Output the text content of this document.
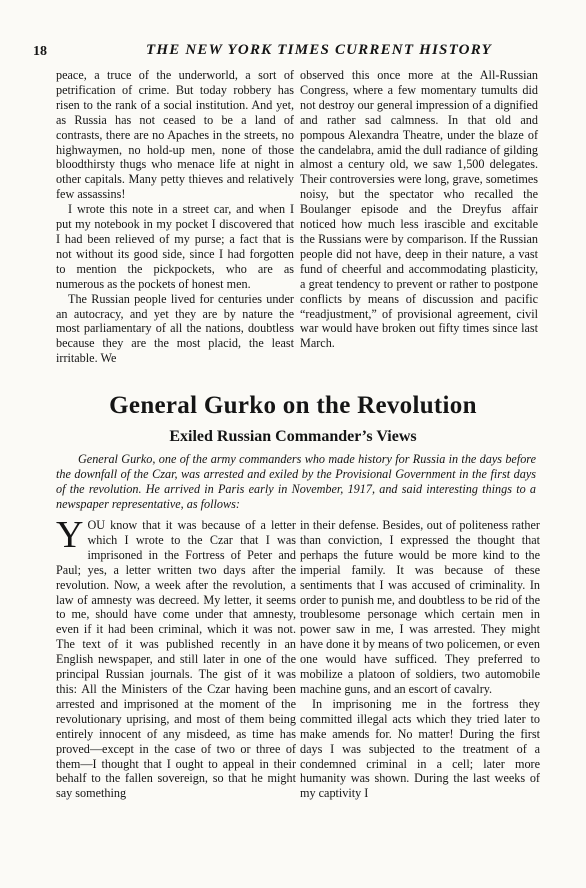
18	THE NEW YORK TIMES CURRENT HISTORY

peace, a truce of the underworld, a sort of petrification of crime. But today robbery has risen to the rank of a social institution. And yet, as Russia has not ceased to be a land of contrasts, there are no Apaches in the streets, no highwaymen, no hold-up men, none of those bloodthirsty thugs who menace life at night in other capitals. Many petty thieves and relatively few assassins!

I wrote this note in a street car, and when I put my notebook in my pocket I discovered that I had been relieved of my purse; a fact that is not without its good side, since I had forgotten to mention the pickpockets, who are as numerous as the pockets of honest men.

The Russian people lived for centuries under an autocracy, and yet they are by nature the most parliamentary of all the nations, doubtless because they are the most placid, the least irritable. We

observed this once more at the All-Russian Congress, where a few momentary tumults did not destroy our general impression of a dignified and rather sad calmness. In that old and pompous Alexandra Theatre, under the blaze of the candelabra, amid the dull radiance of gilding almost a century old, we saw 1,500 delegates. Their controversies were long, grave, sometimes noisy, but the spectator who recalled the Boulanger episode and the Dreyfus affair noticed how much less irascible and excitable the Russians were by comparison. If the Russian people did not have, deep in their nature, a vast fund of cheerful and accommodating plasticity, a great tendency to prevent or rather to postpone conflicts by means of discussion and pacific “readjustment,” of provisional agreement, civil war would have broken out fifty times since last March.

General Gurko on the Revolution
Exiled Russian Commander’s Views

General Gurko, one of the army commanders who made history for Russia in the days before the downfall of the Czar, was arrested and exiled by the Provisional Government in the first days of the revolution. He arrived in Paris early in November, 1917, and said interesting things to a newspaper representative, as follows:

YOU know that it was because of a letter which I wrote to the Czar that I was imprisoned in the Fortress of Peter and Paul; yes, a letter written two days after the revolution. Now, a week after the revolution, a law of amnesty was decreed. My letter, it seems to me, should have come under that amnesty, even if it had been criminal, which it was not. The text of it was published recently in an English newspaper, and still later in one of the principal Russian journals. The gist of it was this: All the Ministers of the Czar having been arrested and imprisoned at the moment of the revolutionary uprising, and most of them being entirely innocent of any misdeed, as time has proved—except in the case of two or three of them—I thought that I ought to appeal in their behalf to the fallen sovereign, so that he might say something

in their defense. Besides, out of politeness rather than conviction, I expressed the thought that perhaps the future would be more kind to the imperial family. It was because of these sentiments that I was accused of criminality. In order to punish me, and doubtless to be rid of the troublesome personage which certain men in power saw in me, I was arrested. They might have done it by means of two policemen, or even one would have sufficed. They preferred to mobilize a platoon of soldiers, two automobile machine guns, and an escort of cavalry.

In imprisoning me in the fortress they committed illegal acts which they tried later to make amends for. No matter! During the first days I was subjected to the treatment of a condemned criminal in a cell; later more humanity was shown. During the last weeks of my captivity I
